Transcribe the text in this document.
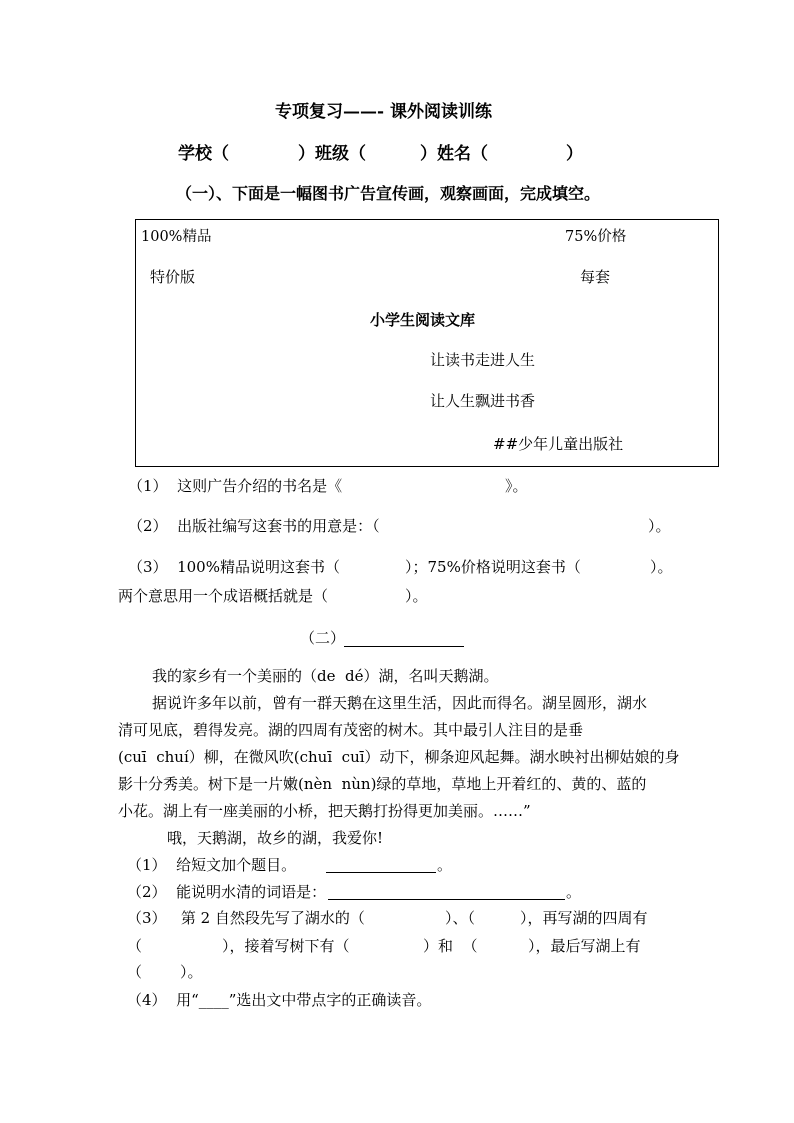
专项复习——- 课外阅读训练
学校（	）班级（	）姓名（	）
（一）、下面是一幅图书广告宣传画，观察画面，完成填空。
100%精品	75%价格
特价版	每套
小学生阅读文库
让读书走进人生
让人生飘进书香
##少年儿童出版社
（1）  这则广告介绍的书名是《	》。
（2）  出版社编写这套书的用意是：（	）。
（3）  100%精品说明这套书（	）；75%价格说明这套书（	）。
两个意思用一个成语概括就是（	）。
（二）
我的家乡有一个美丽的（de  dé）湖，名叫天鹅湖。
据说许多年以前，曾有一群天鹅在这里生活，因此而得名。湖呈圆形，湖水
清可见底，碧得发亮。湖的四周有茂密的树木。其中最引人注目的是垂
(cuī  chuí）柳，在微风吹(chuī  cuī）动下，柳条迎风起舞。湖水映衬出柳姑娘的身
影十分秀美。树下是一片嫩(nèn  nùn)绿的草地，草地上开着红的、黄的、蓝的
小花。湖上有一座美丽的小桥，把天鹅打扮得更加美丽。……”
哦，天鹅湖，故乡的湖，我爱你!
（1）  给短文加个题目。	。
（2）  能说明水清的词语是：	。
（3）   第 2 自然段先写了湖水的（	）、（	），再写湖的四周有
（	），接着写树下有（	）和  （	），最后写湖上有
（	）。
（4）  用“____”选出文中带点字的正确读音。
